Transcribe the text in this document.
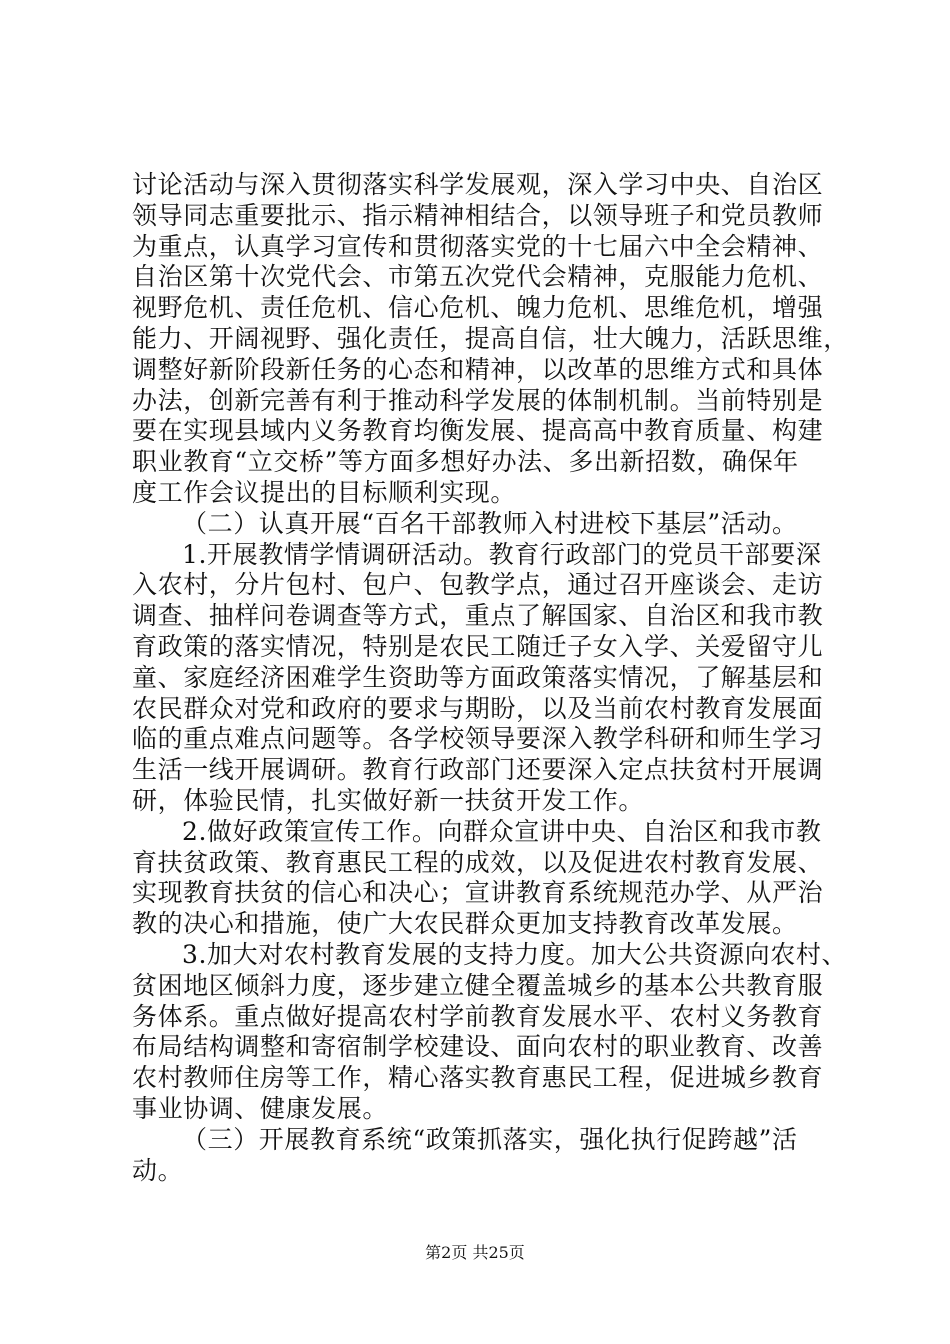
讨论活动与深入贯彻落实科学发展观，深入学习中央、自治区
领导同志重要批示、指示精神相结合，以领导班子和党员教师
为重点，认真学习宣传和贯彻落实党的十七届六中全会精神、
自治区第十次党代会、市第五次党代会精神，克服能力危机、
视野危机、责任危机、信心危机、魄力危机、思维危机，增强
能力、开阔视野、强化责任，提高自信，壮大魄力，活跃思维，
调整好新阶段新任务的心态和精神，以改革的思维方式和具体
办法，创新完善有利于推动科学发展的体制机制。当前特别是
要在实现县域内义务教育均衡发展、提高高中教育质量、构建
职业教育“立交桥”等方面多想好办法、多出新招数，确保年
度工作会议提出的目标顺利实现。
（二）认真开展“百名干部教师入村进校下基层”活动。
1.开展教情学情调研活动。教育行政部门的党员干部要深
入农村，分片包村、包户、包教学点，通过召开座谈会、走访
调查、抽样问卷调查等方式，重点了解国家、自治区和我市教
育政策的落实情况，特别是农民工随迁子女入学、关爱留守儿
童、家庭经济困难学生资助等方面政策落实情况，了解基层和
农民群众对党和政府的要求与期盼，以及当前农村教育发展面
临的重点难点问题等。各学校领导要深入教学科研和师生学习
生活一线开展调研。教育行政部门还要深入定点扶贫村开展调
研，体验民情，扎实做好新一扶贫开发工作。
2.做好政策宣传工作。向群众宣讲中央、自治区和我市教
育扶贫政策、教育惠民工程的成效，以及促进农村教育发展、
实现教育扶贫的信心和决心；宣讲教育系统规范办学、从严治
教的决心和措施，使广大农民群众更加支持教育改革发展。
3.加大对农村教育发展的支持力度。加大公共资源向农村、
贫困地区倾斜力度，逐步建立健全覆盖城乡的基本公共教育服
务体系。重点做好提高农村学前教育发展水平、农村义务教育
布局结构调整和寄宿制学校建设、面向农村的职业教育、改善
农村教师住房等工作，精心落实教育惠民工程，促进城乡教育
事业协调、健康发展。
（三）开展教育系统“政策抓落实，强化执行促跨越”活
动。
第2页 共25页
